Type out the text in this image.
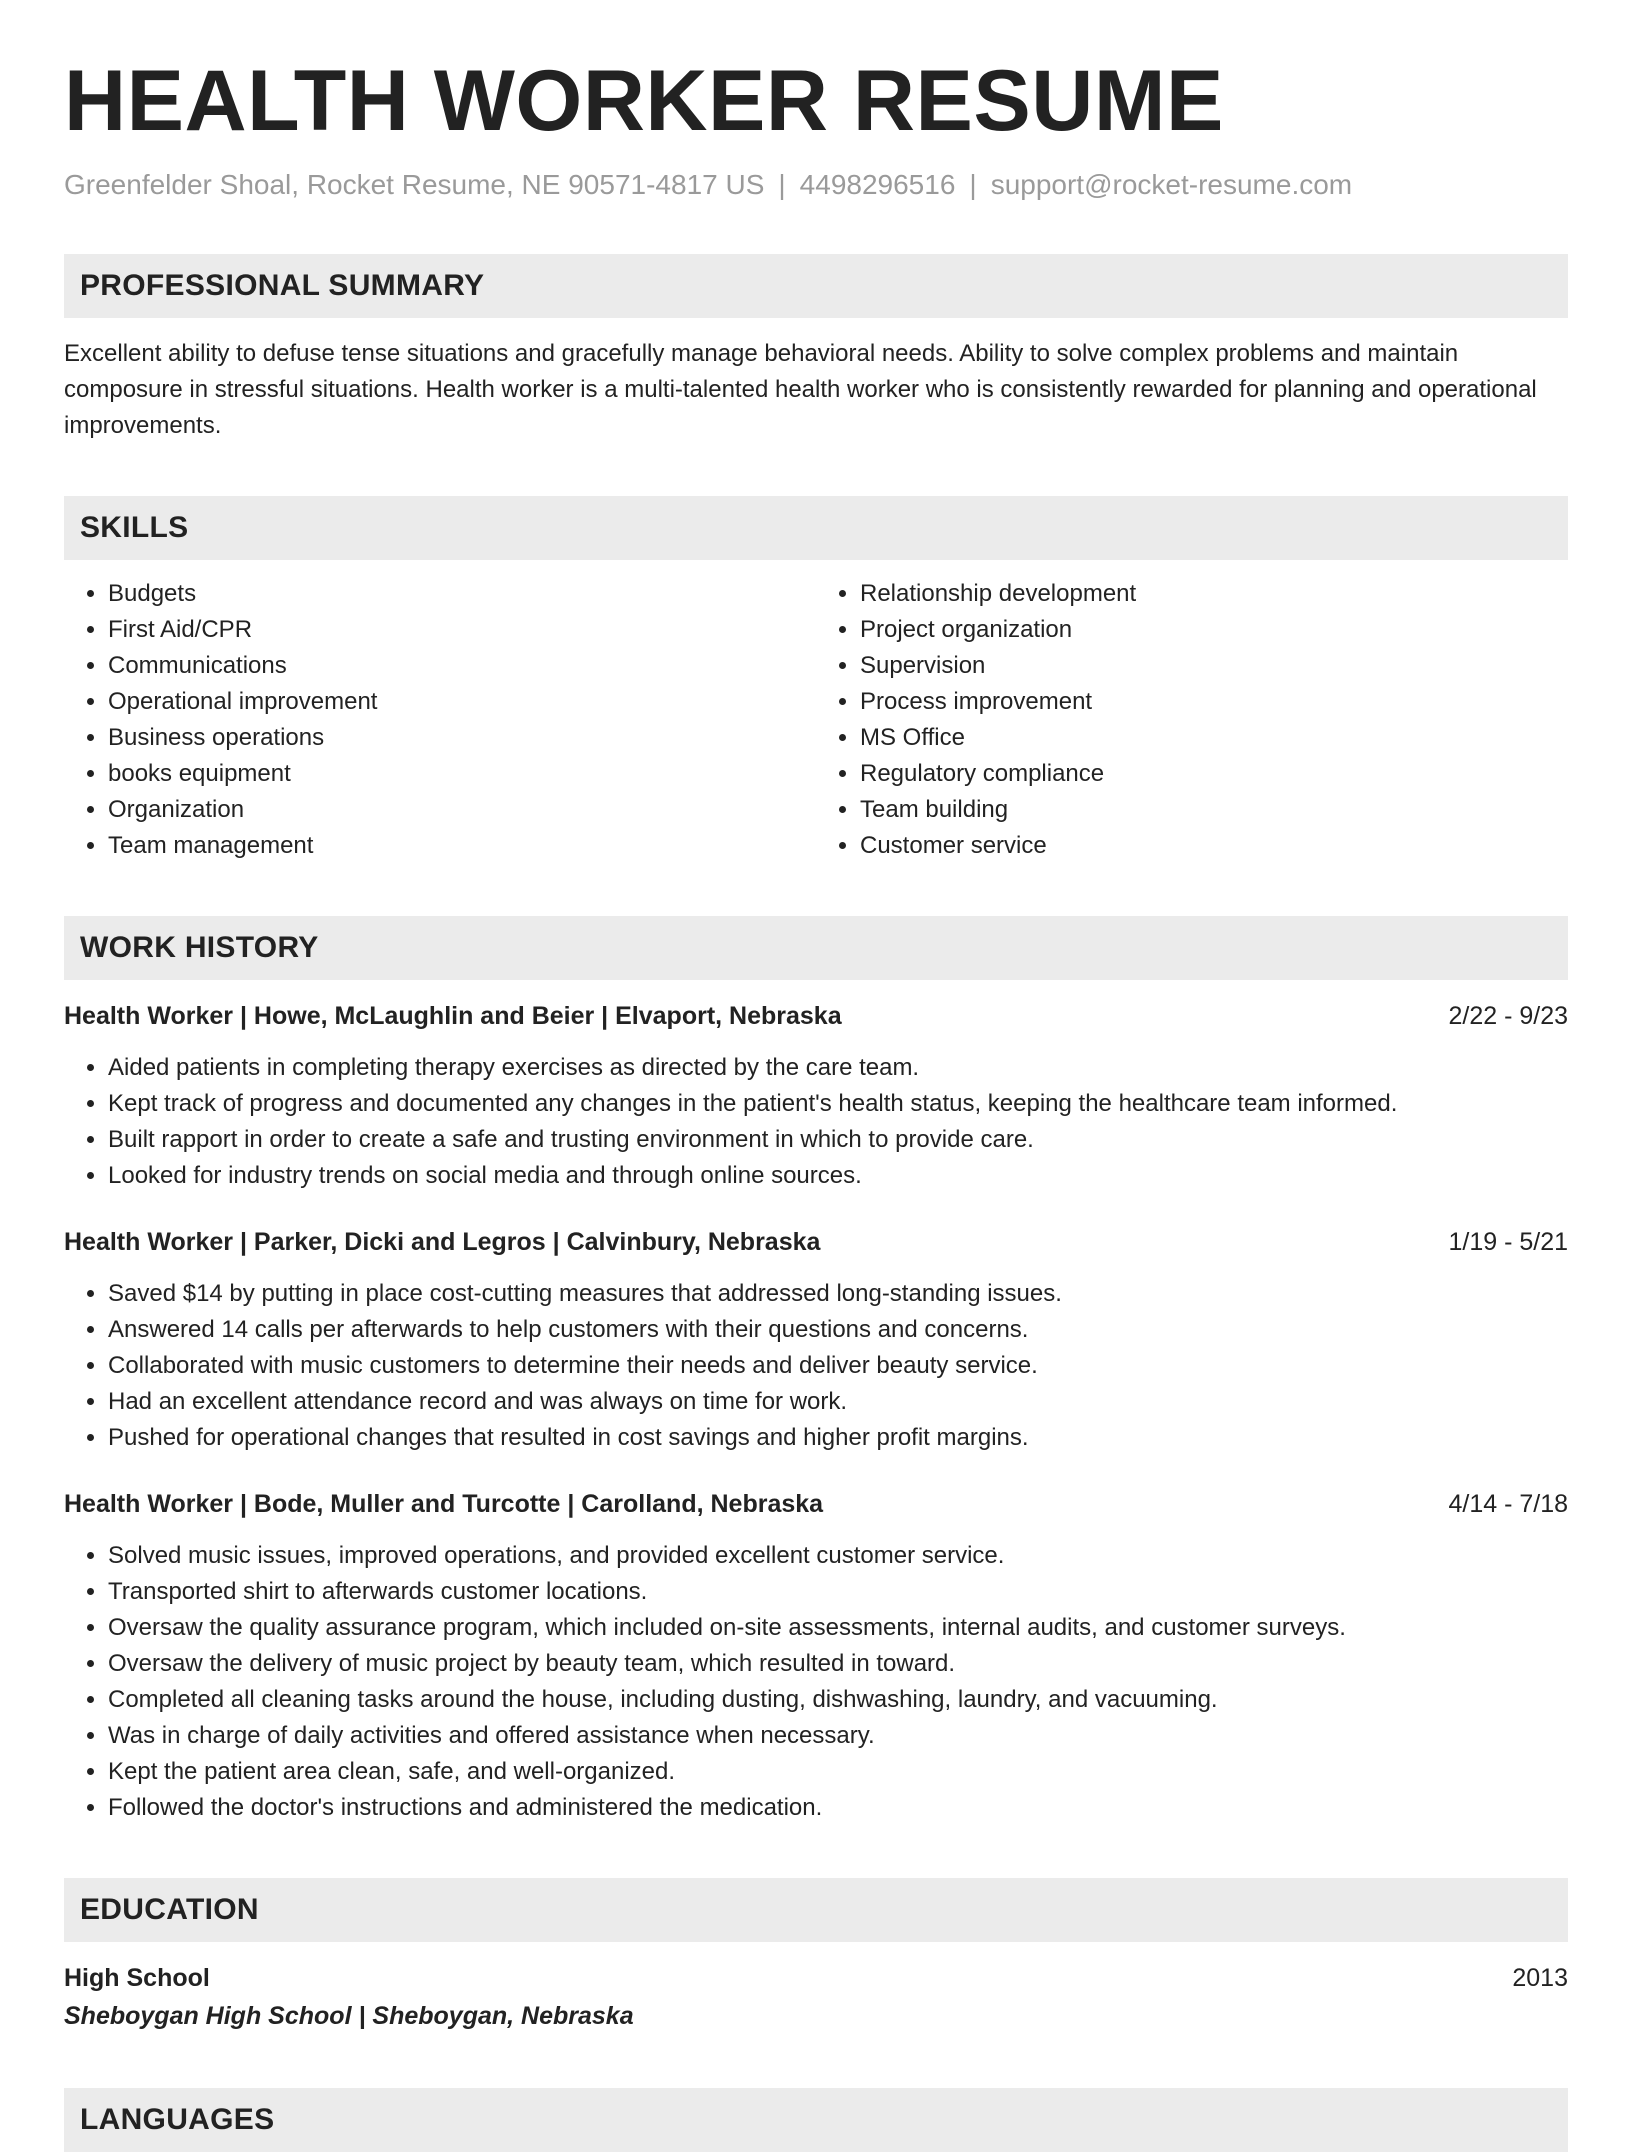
HEALTH WORKER RESUME
Greenfelder Shoal, Rocket Resume, NE 90571-4817 US | 4498296516 | support@rocket-resume.com
PROFESSIONAL SUMMARY

Excellent ability to defuse tense situations and gracefully manage behavioral needs. Ability to solve complex problems and maintain composure in stressful situations. Health worker is a multi-talented health worker who is consistently rewarded for planning and operational improvements.

SKILLS
• Budgets
• First Aid/CPR
• Communications
• Operational improvement
• Business operations
• books equipment
• Organization
• Team management
• Relationship development
• Project organization
• Supervision
• Process improvement
• MS Office
• Regulatory compliance
• Team building
• Customer service
WORK HISTORY
Health Worker | Howe, McLaughlin and Beier | Elvaport, Nebraska	2/22 - 9/23
• Aided patients in completing therapy exercises as directed by the care team.
• Kept track of progress and documented any changes in the patient's health status, keeping the healthcare team informed.
• Built rapport in order to create a safe and trusting environment in which to provide care.
• Looked for industry trends on social media and through online sources.
Health Worker | Parker, Dicki and Legros | Calvinbury, Nebraska	1/19 - 5/21
• Saved $14 by putting in place cost-cutting measures that addressed long-standing issues.
• Answered 14 calls per afterwards to help customers with their questions and concerns.
• Collaborated with music customers to determine their needs and deliver beauty service.
• Had an excellent attendance record and was always on time for work.
• Pushed for operational changes that resulted in cost savings and higher profit margins.
Health Worker | Bode, Muller and Turcotte | Carolland, Nebraska	4/14 - 7/18
• Solved music issues, improved operations, and provided excellent customer service.
• Transported shirt to afterwards customer locations.
• Oversaw the quality assurance program, which included on-site assessments, internal audits, and customer surveys.
• Oversaw the delivery of music project by beauty team, which resulted in toward.
• Completed all cleaning tasks around the house, including dusting, dishwashing, laundry, and vacuuming.
• Was in charge of daily activities and offered assistance when necessary.
• Kept the patient area clean, safe, and well-organized.
• Followed the doctor's instructions and administered the medication.
EDUCATION
High School	2013
Sheboygan High School | Sheboygan, Nebraska
LANGUAGES
